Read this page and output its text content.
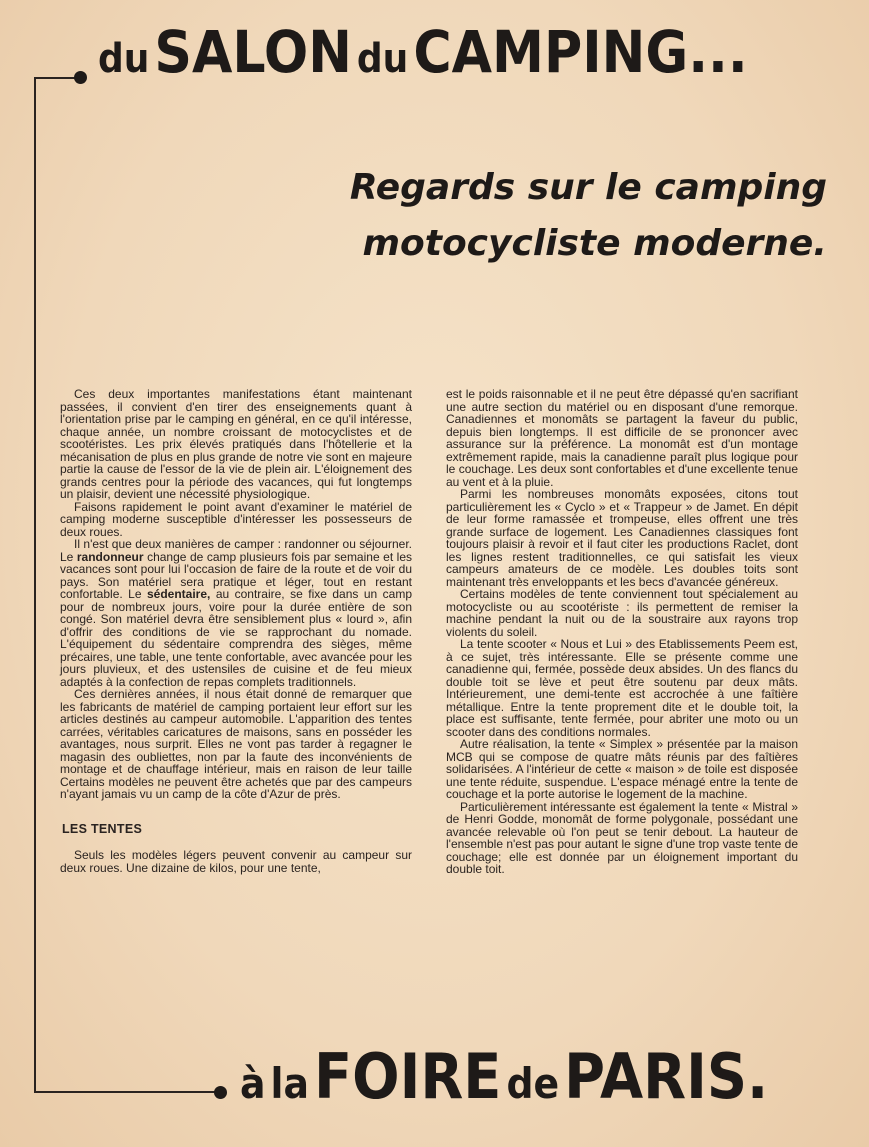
du SALON du CAMPING...
Regards sur le camping
motocycliste moderne.

Ces deux importantes manifestations étant maintenant passées, il convient d'en tirer des enseignements quant à l'orientation prise par le camping en général, en ce qu'il intéresse, chaque année, un nombre croissant de motocyclistes et de scootéristes. Les prix élevés pratiqués dans l'hôtellerie et la mécanisation de plus en plus grande de notre vie sont en majeure partie la cause de l'essor de la vie de plein air. L'éloignement des grands centres pour la période des vacances, qui fut longtemps un plaisir, devient une nécessité physiologique.

Faisons rapidement le point avant d'examiner le matériel de camping moderne susceptible d'intéresser les possesseurs de deux roues.

Il n'est que deux manières de camper : randonner ou séjourner. Le randonneur change de camp plusieurs fois par semaine et les vacances sont pour lui l'occasion de faire de la route et de voir du pays. Son matériel sera pratique et léger, tout en restant confortable. Le sédentaire, au contraire, se fixe dans un camp pour de nombreux jours, voire pour la durée entière de son congé. Son matériel devra être sensiblement plus « lourd », afin d'offrir des conditions de vie se rapprochant du nomade. L'équipement du sédentaire comprendra des sièges, même précaires, une table, une tente confortable, avec avancée pour les jours pluvieux, et des ustensiles de cuisine et de feu mieux adaptés à la confection de repas complets traditionnels.

Ces dernières années, il nous était donné de remarquer que les fabricants de matériel de camping portaient leur effort sur les articles destinés au campeur automobile. L'apparition des tentes carrées, véritables caricatures de maisons, sans en posséder les avantages, nous surprit. Elles ne vont pas tarder à regagner le magasin des oubliettes, non par la faute des inconvénients de montage et de chauffage intérieur, mais en raison de leur taille Certains modèles ne peuvent être achetés que par des campeurs n'ayant jamais vu un camp de la côte d'Azur de près.

LES TENTES

Seuls les modèles légers peuvent convenir au campeur sur deux roues. Une dizaine de kilos, pour une tente,

est le poids raisonnable et il ne peut être dépassé qu'en sacrifiant une autre section du matériel ou en disposant d'une remorque. Canadiennes et monomâts se partagent la faveur du public, depuis bien longtemps. Il est difficile de se prononcer avec assurance sur la préférence. La monomât est d'un montage extrêmement rapide, mais la canadienne paraît plus logique pour le couchage. Les deux sont confortables et d'une excellente tenue au vent et à la pluie.

Parmi les nombreuses monomâts exposées, citons tout particulièrement les « Cyclo » et « Trappeur » de Jamet. En dépit de leur forme ramassée et trompeuse, elles offrent une très grande surface de logement. Les Canadiennes classiques font toujours plaisir à revoir et il faut citer les productions Raclet, dont les lignes restent traditionnelles, ce qui satisfait les vieux campeurs amateurs de ce modèle. Les doubles toits sont maintenant très enveloppants et les becs d'avancée généreux.

Certains modèles de tente conviennent tout spécialement au motocycliste ou au scootériste : ils permettent de remiser la machine pendant la nuit ou de la soustraire aux rayons trop violents du soleil.

La tente scooter « Nous et Lui » des Etablissements Peem est, à ce sujet, très intéressante. Elle se présente comme une canadienne qui, fermée, possède deux absides. Un des flancs du double toit se lève et peut être soutenu par deux mâts. Intérieurement, une demi-tente est accrochée à une faîtière métallique. Entre la tente proprement dite et le double toit, la place est suffisante, tente fermée, pour abriter une moto ou un scooter dans des conditions normales.

Autre réalisation, la tente « Simplex » présentée par la maison MCB qui se compose de quatre mâts réunis par des faîtières solidarisées. A l'intérieur de cette « maison » de toile est disposée une tente réduite, suspendue. L'espace ménagé entre la tente de couchage et la porte autorise le logement de la machine.

Particulièrement intéressante est également la tente « Mistral » de Henri Godde, monomât de forme polygonale, possédant une avancée relevable où l'on peut se tenir debout. La hauteur de l'ensemble n'est pas pour autant le signe d'une trop vaste tente de couchage; elle est donnée par un éloignement important du double toit.

à la FOIRE de PARIS.
